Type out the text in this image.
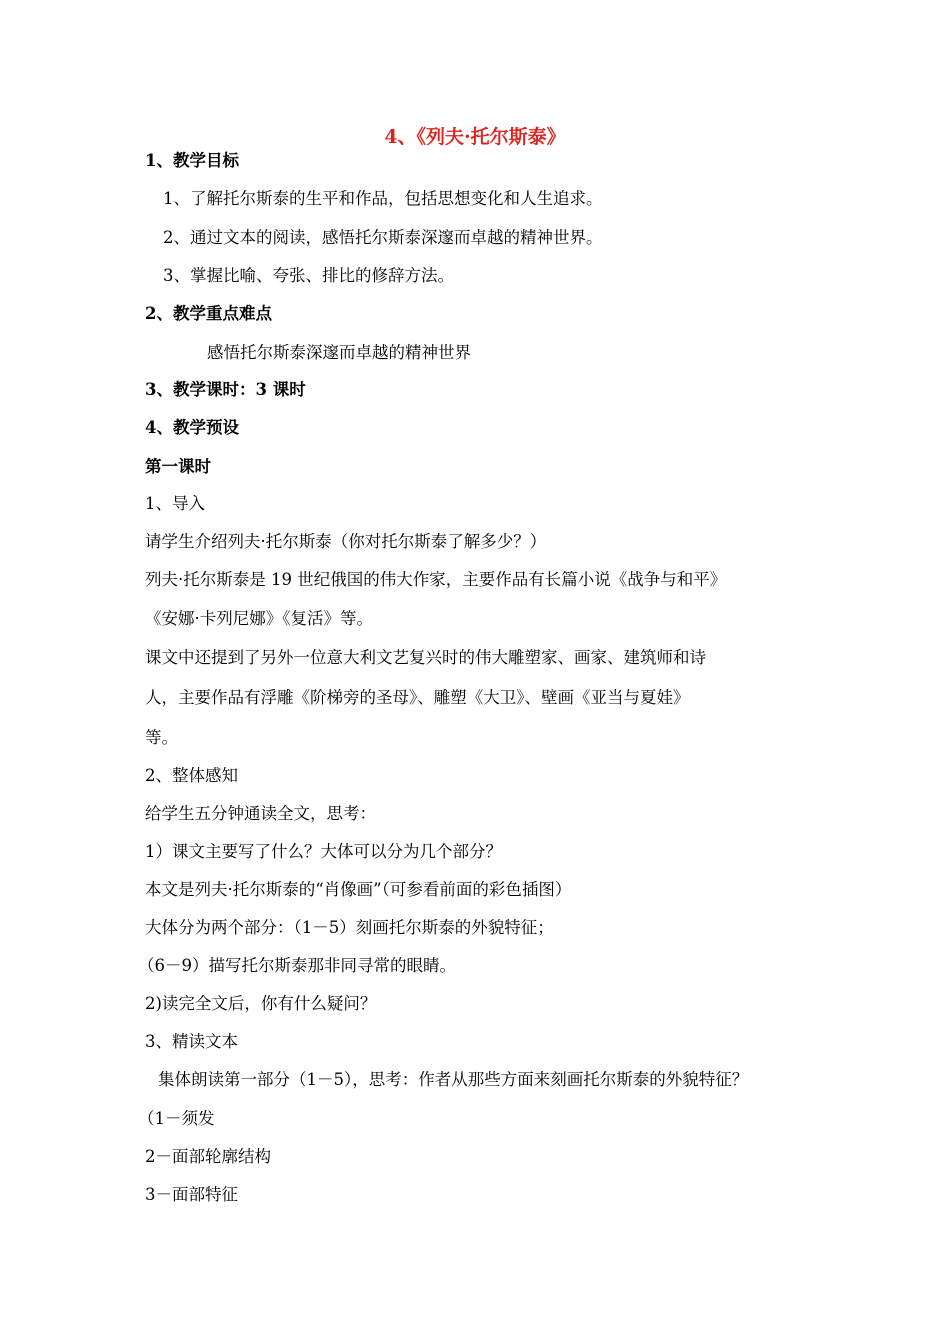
4、《列夫·托尔斯泰》
1、教学目标
1、了解托尔斯泰的生平和作品，包括思想变化和人生追求。
2、通过文本的阅读，感悟托尔斯泰深邃而卓越的精神世界。
3、掌握比喻、夸张、排比的修辞方法。
2、教学重点难点
感悟托尔斯泰深邃而卓越的精神世界
3、教学课时：3 课时
4、教学预设
第一课时
1、导入
请学生介绍列夫·托尔斯泰（你对托尔斯泰了解多少？）
列夫·托尔斯泰是 19 世纪俄国的伟大作家，主要作品有长篇小说《战争与和平》
《安娜·卡列尼娜》《复活》等。
课文中还提到了另外一位意大利文艺复兴时的伟大雕塑家、画家、建筑师和诗
人，主要作品有浮雕《阶梯旁的圣母》、雕塑《大卫》、壁画《亚当与夏娃》
等。
2、整体感知
给学生五分钟通读全文，思考：
1）课文主要写了什么？大体可以分为几个部分？
本文是列夫·托尔斯泰的“肖像画”（可参看前面的彩色插图）
大体分为两个部分：（1－5）刻画托尔斯泰的外貌特征；
（6－9）描写托尔斯泰那非同寻常的眼睛。
2)读完全文后，你有什么疑问？
3、精读文本
集体朗读第一部分（1－5），思考：作者从那些方面来刻画托尔斯泰的外貌特征？
（1－须发
2－面部轮廓结构
3－面部特征
